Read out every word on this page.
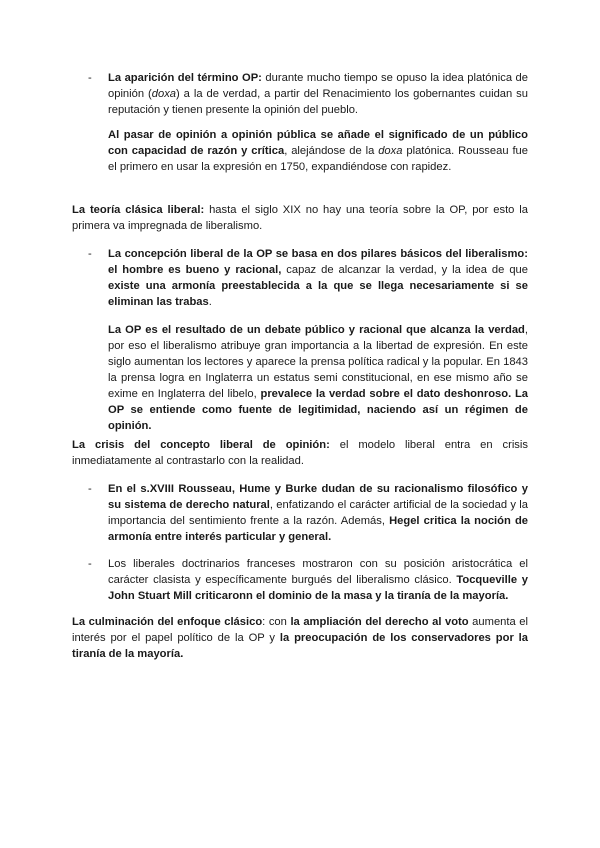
- La aparición del término OP: durante mucho tiempo se opuso la idea platónica de opinión (doxa) a la de verdad, a partir del Renacimiento los gobernantes cuidan su reputación y tienen presente la opinión del pueblo.

Al pasar de opinión a opinión pública se añade el significado de un público con capacidad de razón y crítica, alejándose de la doxa platónica. Rousseau fue el primero en usar la expresión en 1750, expandiéndose con rapidez.

La teoría clásica liberal: hasta el siglo XIX no hay una teoría sobre la OP, por esto la primera va impregnada de liberalismo.

- La concepción liberal de la OP se basa en dos pilares básicos del liberalismo: el hombre es bueno y racional, capaz de alcanzar la verdad, y la idea de que existe una armonía preestablecida a la que se llega necesariamente si se eliminan las trabas.

La OP es el resultado de un debate público y racional que alcanza la verdad, por eso el liberalismo atribuye gran importancia a la libertad de expresión. En este siglo aumentan los lectores y aparece la prensa política radical y la popular. En 1843 la prensa logra en Inglaterra un estatus semi constitucional, en ese mismo año se exime en Inglaterra del libelo, prevalece la verdad sobre el dato deshonroso. La OP se entiende como fuente de legitimidad, naciendo así un régimen de opinión.

La crisis del concepto liberal de opinión: el modelo liberal entra en crisis inmediatamente al contrastarlo con la realidad.

- En el s.XVIII Rousseau, Hume y Burke dudan de su racionalismo filosófico y su sistema de derecho natural, enfatizando el carácter artificial de la sociedad y la importancia del sentimiento frente a la razón. Además, Hegel critica la noción de armonía entre interés particular y general.

- Los liberales doctrinarios franceses mostraron con su posición aristocrática el carácter clasista y específicamente burgués del liberalismo clásico. Tocqueville y John Stuart Mill criticaronn el dominio de la masa y la tiranía de la mayoría.

La culminación del enfoque clásico: con la ampliación del derecho al voto aumenta el interés por el papel político de la OP y la preocupación de los conservadores por la tiranía de la mayoría.
